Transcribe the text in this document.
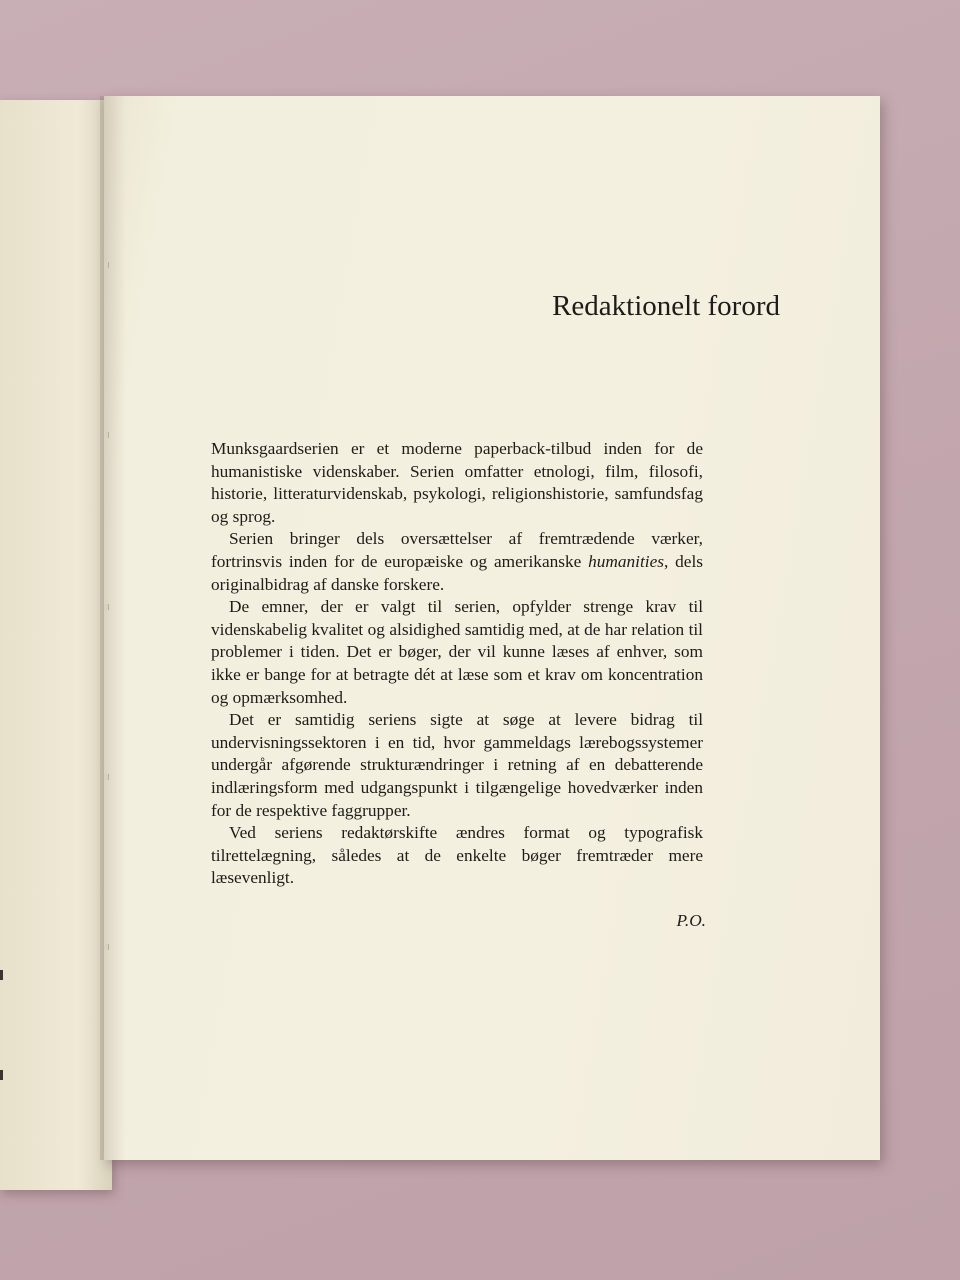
Redaktionelt forord

Munksgaardserien er et moderne paperback-tilbud inden for de humanistiske videnskaber. Serien omfatter etnologi, film, filosofi, historie, litteraturvidenskab, psykologi, religionshistorie, samfundsfag og sprog.

Serien bringer dels oversættelser af fremtrædende værker, fortrinsvis inden for de europæiske og amerikanske humanities, dels originalbidrag af danske forskere.

De emner, der er valgt til serien, opfylder strenge krav til videnskabelig kvalitet og alsidighed samtidig med, at de har relation til problemer i tiden. Det er bøger, der vil kunne læses af enhver, som ikke er bange for at betragte dét at læse som et krav om koncentration og opmærksomhed.

Det er samtidig seriens sigte at søge at levere bidrag til undervisningssektoren i en tid, hvor gammeldags lærebogssystemer undergår afgørende strukturændringer i retning af en debatterende indlæringsform med udgangspunkt i tilgængelige hovedværker inden for de respektive faggrupper.

Ved seriens redaktørskifte ændres format og typografisk tilrettelægning, således at de enkelte bøger fremtræder mere læsevenligt.

P.O.
